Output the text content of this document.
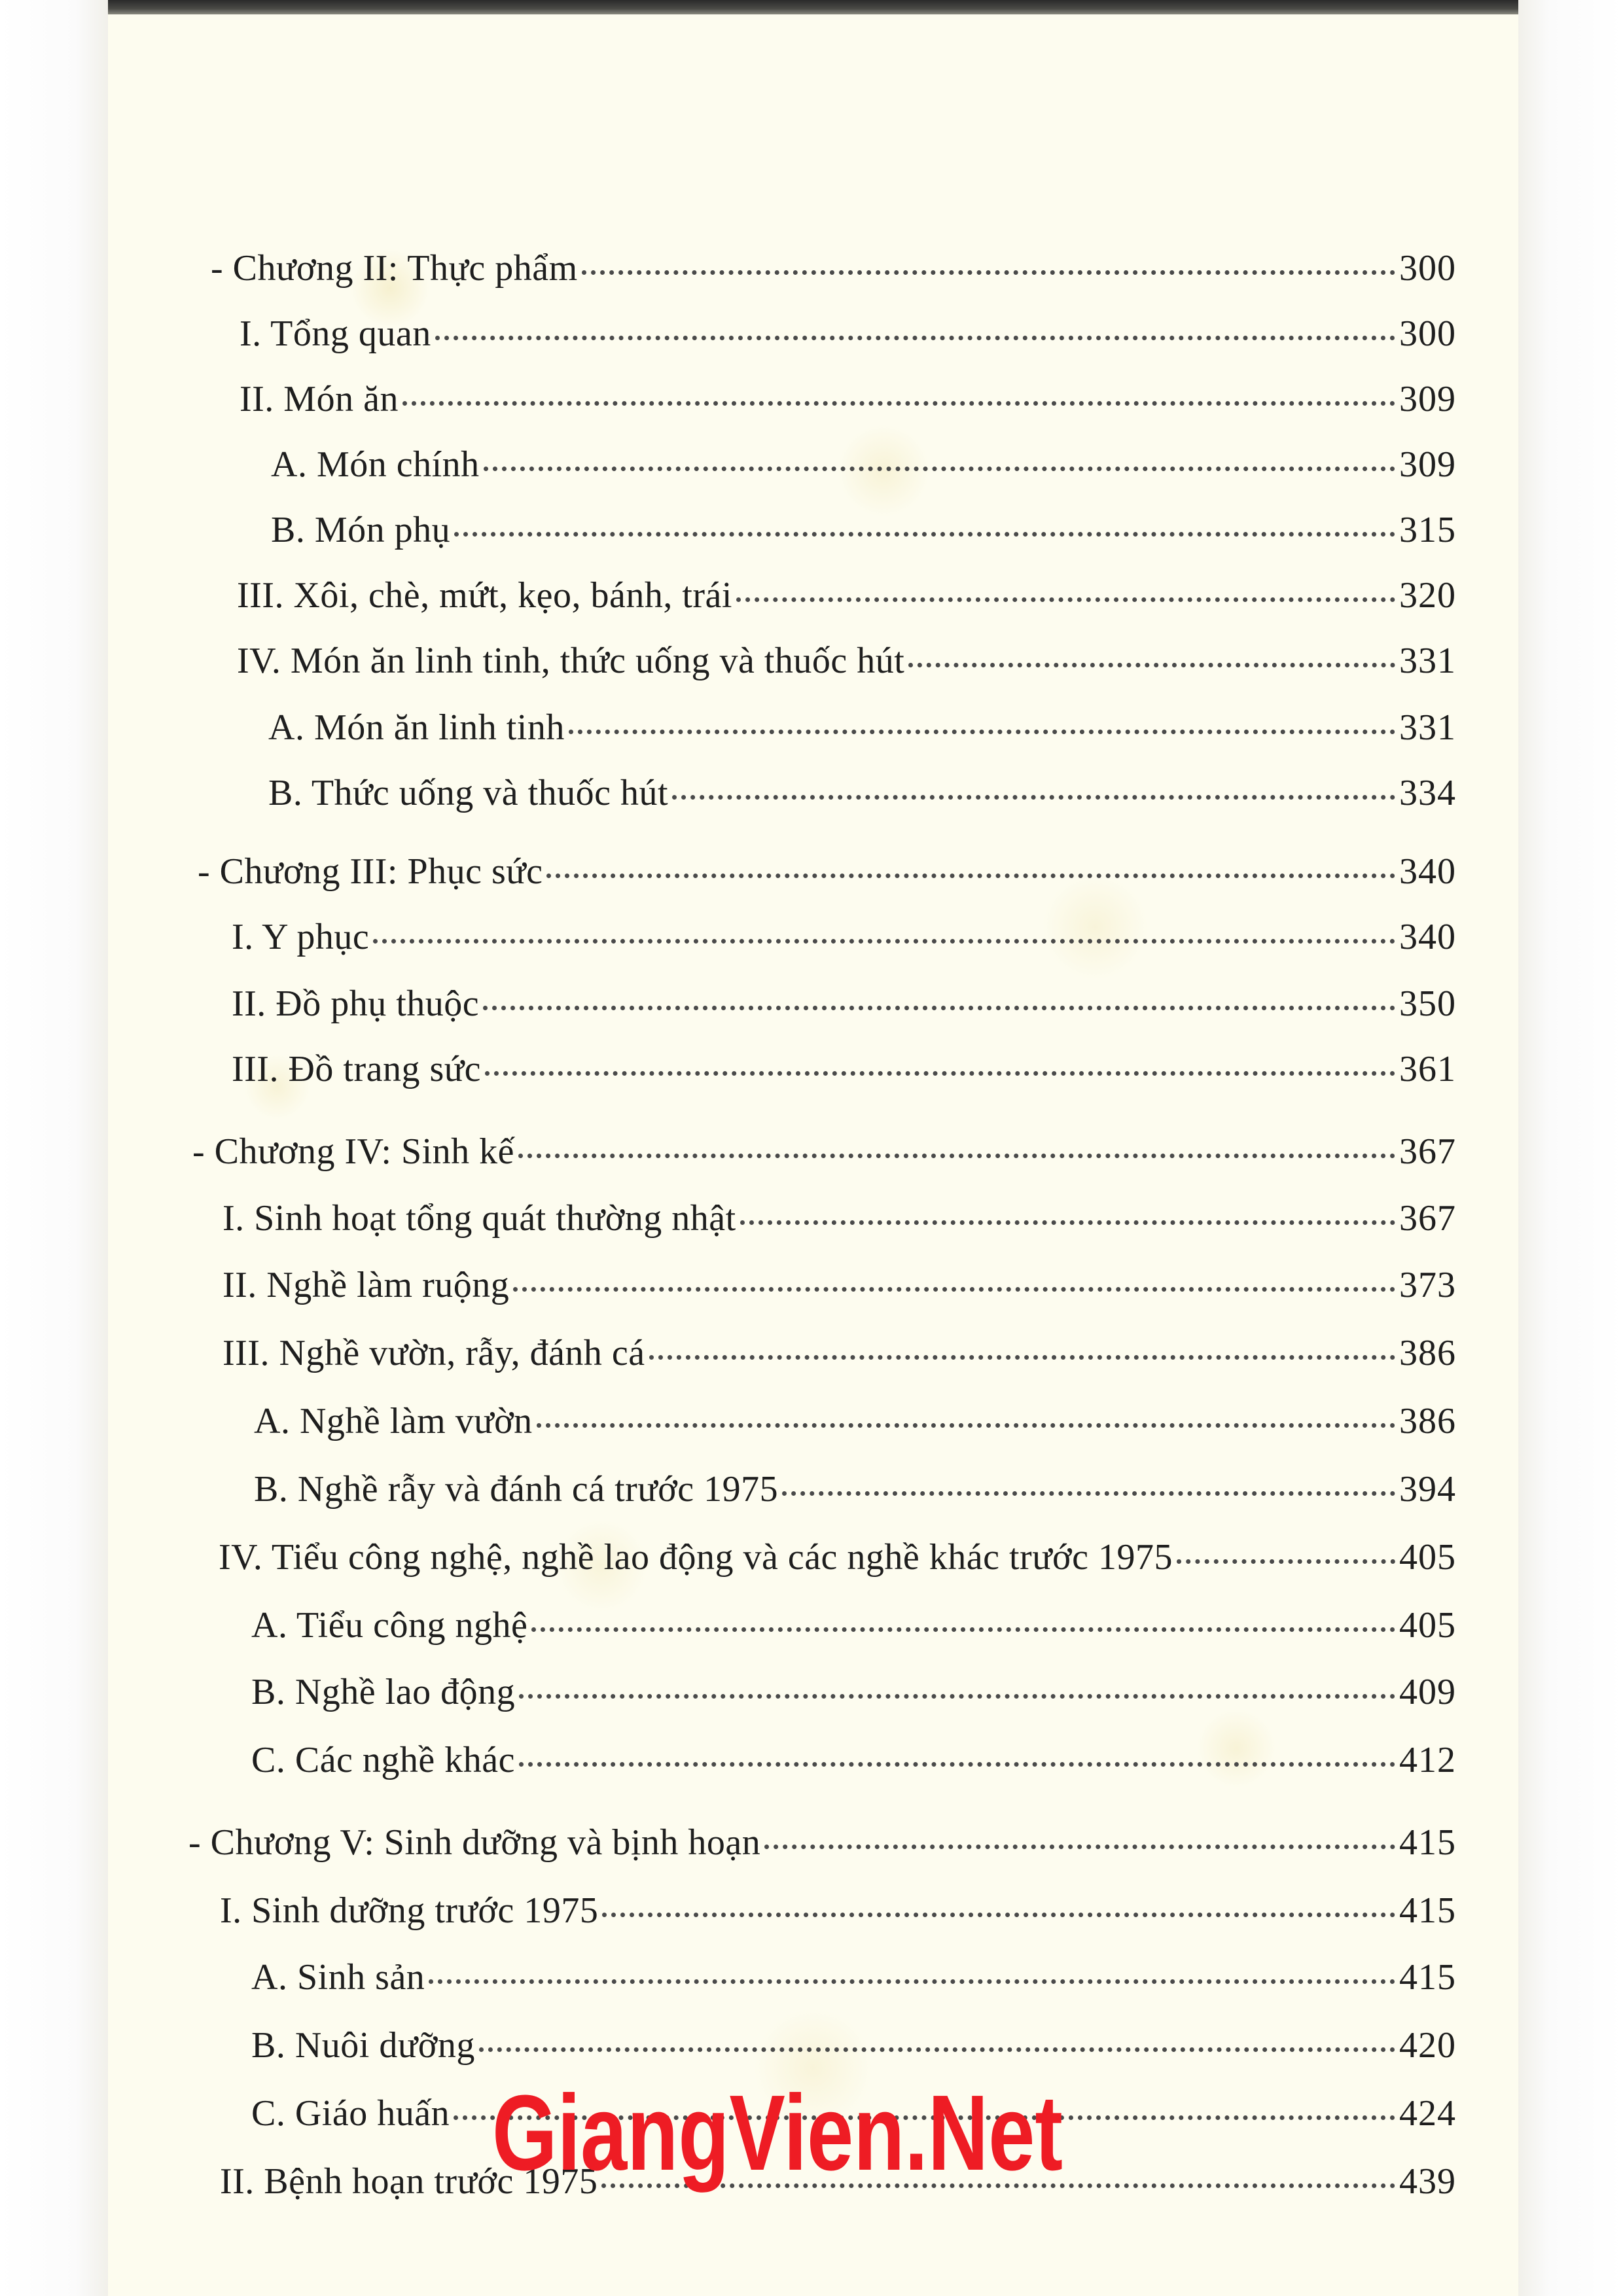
- Chương II: Thực phẩm	300
I. Tổng quan	300
II. Món ăn	309
A. Món chính	309
B. Món phụ	315
III. Xôi, chè, mứt, kẹo, bánh, trái	320
IV. Món ăn linh tinh, thức uống và thuốc hút	331
A. Món ăn linh tinh	331
B. Thức uống và thuốc hút	334
- Chương III: Phục sức	340
I. Y phục	340
II. Đồ phụ thuộc	350
III. Đồ trang sức	361
- Chương IV: Sinh kế	367
I. Sinh hoạt tổng quát thường nhật	367
II. Nghề làm ruộng	373
III. Nghề vườn, rẫy, đánh cá	386
A. Nghề làm vườn	386
B. Nghề rẫy và đánh cá trước 1975	394
IV. Tiểu công nghệ, nghề lao động và các nghề khác trước 1975	405
A. Tiểu công nghệ	405
B. Nghề lao động	409
C. Các nghề khác	412
- Chương V: Sinh dưỡng và bịnh hoạn	415
I. Sinh dưỡng trước 1975	415
A. Sinh sản	415
B. Nuôi dưỡng	420
C. Giáo huấn	424
II. Bệnh hoạn trước 1975	439
GiangVien.Net
